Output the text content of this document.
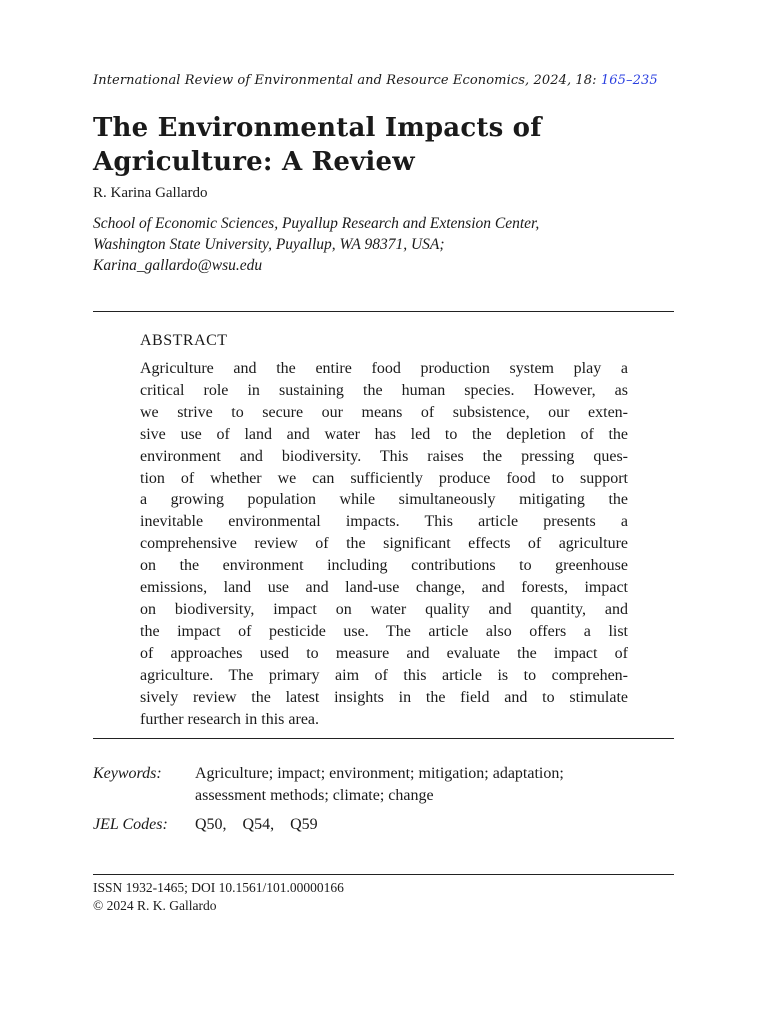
International Review of Environmental and Resource Economics, 2024, 18: 165–235
The Environmental Impacts of
Agriculture: A Review
R. Karina Gallardo
School of Economic Sciences, Puyallup Research and Extension Center,
Washington State University, Puyallup, WA 98371, USA;
Karina_gallardo@wsu.edu
ABSTRACT
Agriculture and the entire food production system play a
critical role in sustaining the human species. However, as
we strive to secure our means of subsistence, our exten-
sive use of land and water has led to the depletion of the
environment and biodiversity. This raises the pressing ques-
tion of whether we can sufficiently produce food to support
a growing population while simultaneously mitigating the
inevitable environmental impacts. This article presents a
comprehensive review of the significant effects of agriculture
on the environment including contributions to greenhouse
emissions, land use and land-use change, and forests, impact
on biodiversity, impact on water quality and quantity, and
the impact of pesticide use. The article also offers a list
of approaches used to measure and evaluate the impact of
agriculture. The primary aim of this article is to comprehen-
sively review the latest insights in the field and to stimulate
further research in this area.
Keywords: Agriculture; impact; environment; mitigation; adaptation;
assessment methods; climate; change
JEL Codes: Q50,  Q54,  Q59
ISSN 1932-1465; DOI 10.1561/101.00000166
© 2024 R. K. Gallardo
